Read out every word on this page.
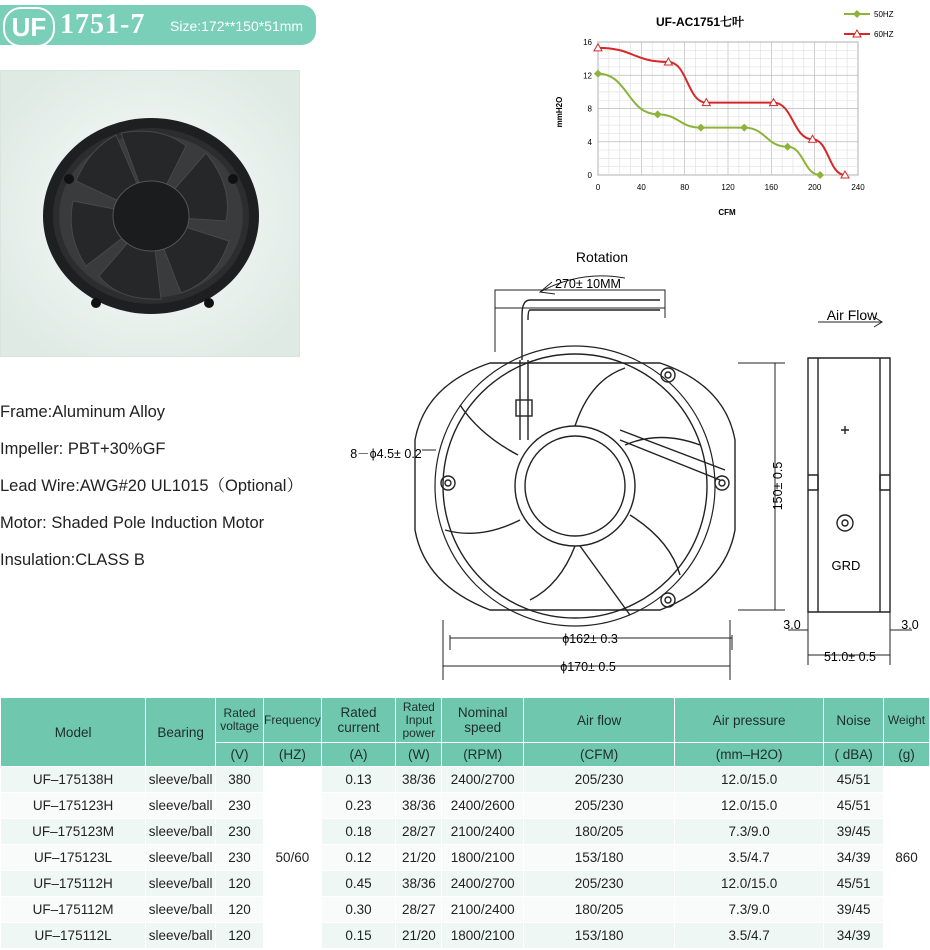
UF 1751-7 Size:172**150*51mm
Frame:Aluminum Alloy
Impeller: PBT+30%GF
Lead Wire:AWG#20 UL1015（Optional）
Motor: Shaded Pole Induction Motor
Insulation:CLASS B
UF-AC1751七叶
mmH2O
CFM
0	40	80	120	160	200	240
0
4
8
12
16
50HZ
60HZ
Rotation
270± 10MM
8－ϕ4.5± 0.2
150± 0.5
ϕ162± 0.3
ϕ170± 0.5
Air Flow
3.0	3.0
51.0± 0.5
GRD
Model	Bearing	Rated voltage	Frequency	Rated current	Rated Input power	Nominal speed	Air flow	Air pressure	Noise	Weight
		(V)	(HZ)	(A)	(W)	(RPM)	(CFM)	(mm–H2O)	( dBA)	(g)
UF–175138H	sleeve/ball	380	50/60	0.13	38/36	2400/2700	205/230	12.0/15.0	45/51	860
UF–175123H	sleeve/ball	230		0.23	38/36	2400/2600	205/230	12.0/15.0	45/51	
UF–175123M	sleeve/ball	230		0.18	28/27	2100/2400	180/205	7.3/9.0	39/45	
UF–175123L	sleeve/ball	230		0.12	21/20	1800/2100	153/180	3.5/4.7	34/39	
UF–175112H	sleeve/ball	120		0.45	38/36	2400/2700	205/230	12.0/15.0	45/51	
UF–175112M	sleeve/ball	120		0.30	28/27	2100/2400	180/205	7.3/9.0	39/45	
UF–175112L	sleeve/ball	120		0.15	21/20	1800/2100	153/180	3.5/4.7	34/39	
